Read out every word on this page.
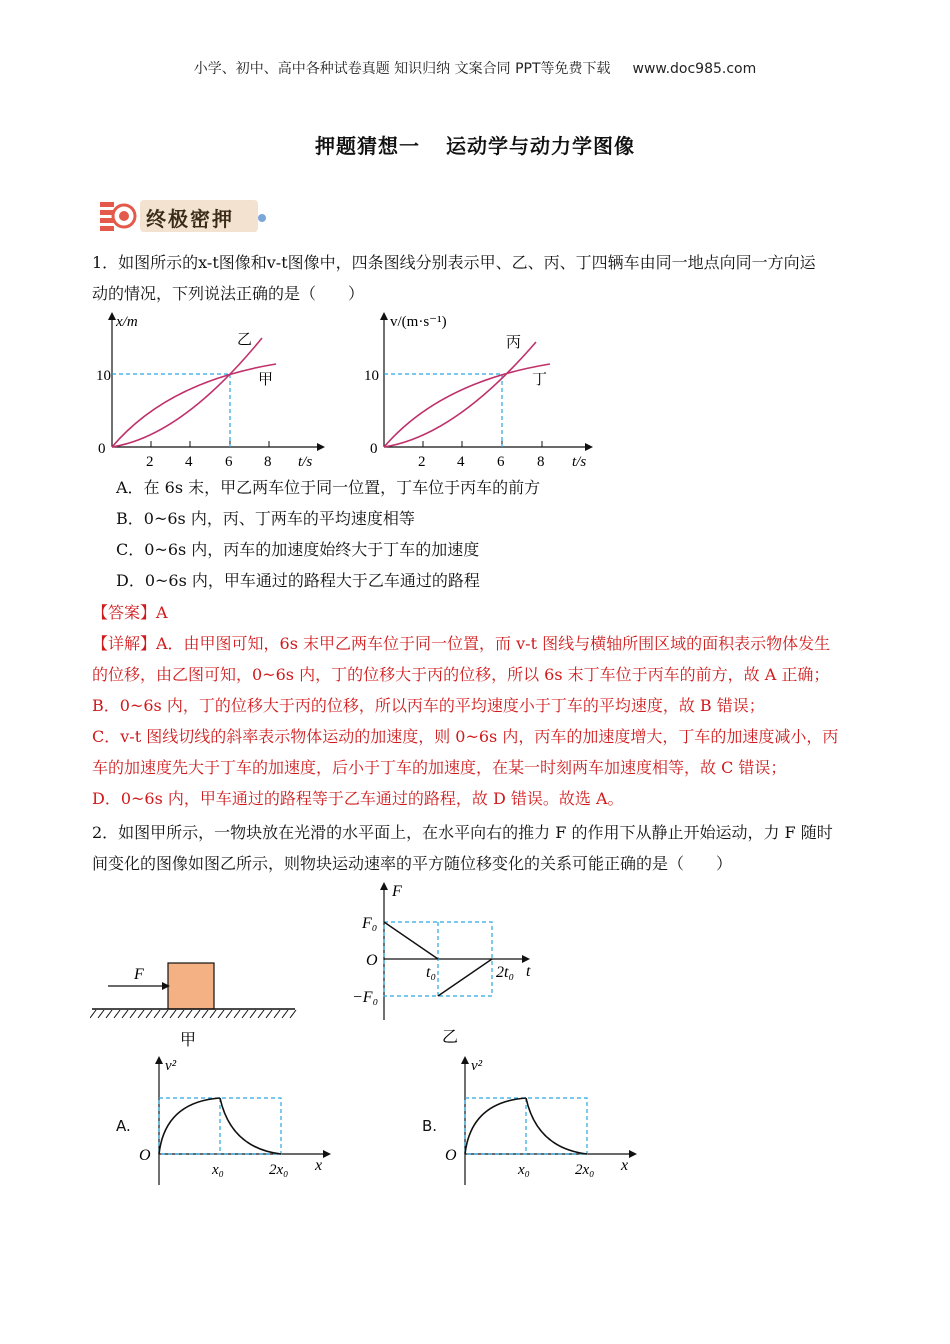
小学、初中、高中各种试卷真题 知识归纳 文案合同 PPT等免费下载 www.doc985.com
押题猜想一 运动学与动力学图像
终极密押
1．如图所示的x-t图像和v-t图像中，四条图线分别表示甲、乙、丙、丁四辆车由同一地点向同一方向运
动的情况，下列说法正确的是（　　）
x/m
10
0
2 4 6 8 t/s
乙
甲
v/(m·s⁻¹)
10
0
2 4 6 8 t/s
丙
丁
A．在 6s 末，甲乙两车位于同一位置，丁车位于丙车的前方
B．0~6s 内，丙、丁两车的平均速度相等
C．0~6s 内，丙车的加速度始终大于丁车的加速度
D．0~6s 内，甲车通过的路程大于乙车通过的路程
【答案】A
【详解】A．由甲图可知，6s 末甲乙两车位于同一位置，而 v-t 图线与横轴所围区域的面积表示物体发生
的位移，由乙图可知，0~6s 内，丁的位移大于丙的位移，所以 6s 末丁车位于丙车的前方，故 A 正确；
B．0~6s 内，丁的位移大于丙的位移，所以丙车的平均速度小于丁车的平均速度，故 B 错误；
C．v-t 图线切线的斜率表示物体运动的加速度，则 0~6s 内，丙车的加速度增大，丁车的加速度减小，丙
车的加速度先大于丁车的加速度，后小于丁车的加速度，在某一时刻两车加速度相等，故 C 错误；
D．0~6s 内，甲车通过的路程等于乙车通过的路程，故 D 错误。故选 A。
2．如图甲所示，一物块放在光滑的水平面上，在水平向右的推力 F 的作用下从静止开始运动，力 F 随时
间变化的图像如图乙所示，则物块运动速率的平方随位移变化的关系可能正确的是（　　）
F
甲
F
F₀
O
−F₀
t₀	2t₀ t
乙
A.
v²
O
x₀	2x₀ x
B.
v²
O
x₀	2x₀ x
